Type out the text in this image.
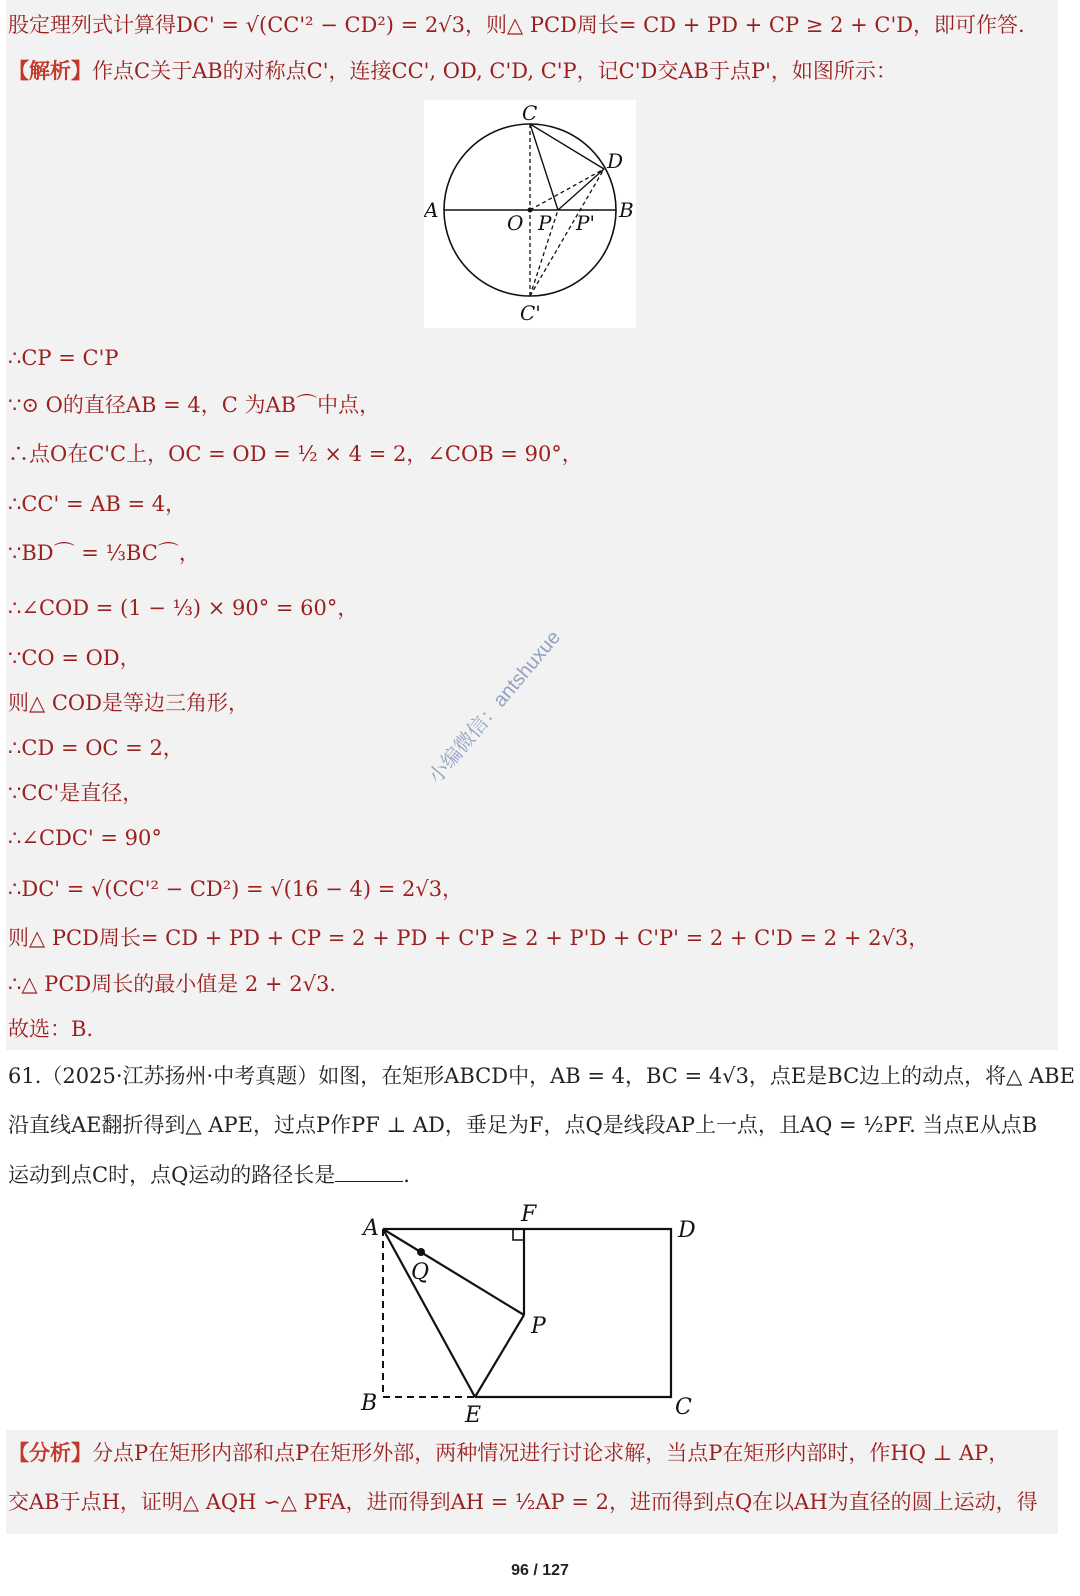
股定理列式计算得DC' = √(CC'² − CD²) = 2√3，则△ PCD周长= CD + PD + CP ≥ 2 + C'D，即可作答.
【解析】作点C关于AB的对称点C'，连接CC', OD, C'D, C'P，记C'D交AB于点P'，如图所示：
C
D
A	B
O P P'
C'
∴CP = C'P
∵⊙ O的直径AB = 4，C 为AB⌒中点，
∴点O在C'C上，OC = OD = ½ × 4 = 2，∠COB = 90°，
∴CC' = AB = 4，
∵BD⌒ = ⅓BC⌒，
∴∠COD = (1 − ⅓) × 90° = 60°，
∵CO = OD，
则△ COD是等边三角形，
∴CD = OC = 2，
∵CC'是直径，
∴∠CDC' = 90°
∴DC' = √(CC'² − CD²) = √(16 − 4) = 2√3，
则△ PCD周长= CD + PD + CP = 2 + PD + C'P ≥ 2 + P'D + C'P' = 2 + C'D = 2 + 2√3，
∴△ PCD周长的最小值是 2 + 2√3.
故选：B.
小编微信：antshuxue
61.（2025·江苏扬州·中考真题）如图，在矩形ABCD中，AB = 4，BC = 4√3，点E是BC边上的动点，将△ ABE
沿直线AE翻折得到△ APE，过点P作PF ⊥ AD，垂足为F，点Q是线段AP上一点，且AQ = ½PF. 当点E从点B
运动到点C时，点Q运动的路径长是	.
A
F
D
Q
P
B	E	C
【分析】分点P在矩形内部和点P在矩形外部，两种情况进行讨论求解，当点P在矩形内部时，作HQ ⊥ AP，
交AB于点H，证明△ AQH ∽△ PFA，进而得到AH = ½AP = 2，进而得到点Q在以AH为直径的圆上运动，得
96 / 127
